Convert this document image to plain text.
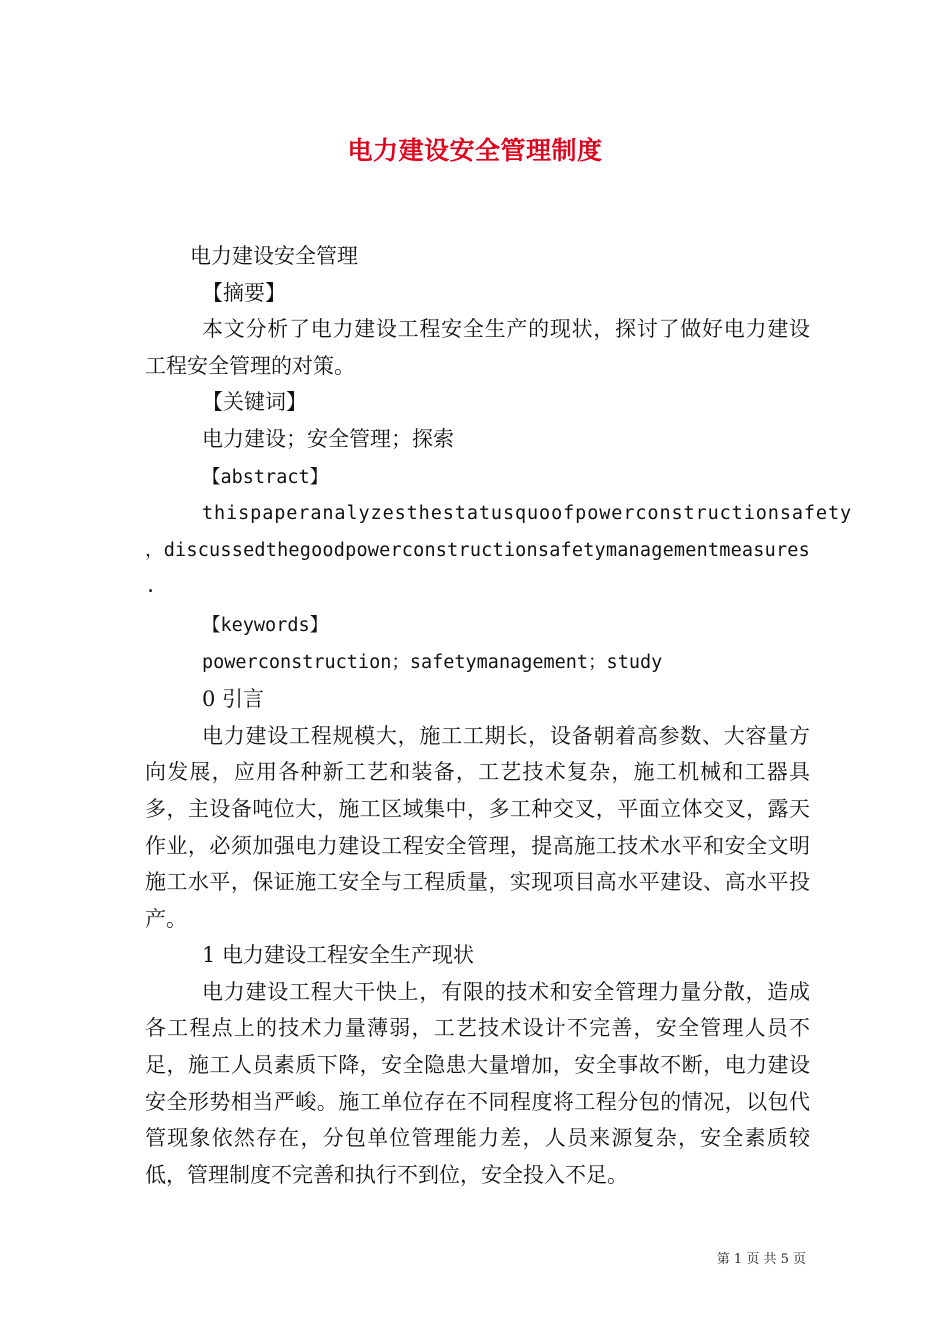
电力建设安全管理制度

电力建设安全管理

【摘要】

本文分析了电力建设工程安全生产的现状，探讨了做好电力建设工程安全管理的对策。

【关键词】

电力建设；安全管理；探索

【abstract】

thispaperanalyzesthestatusquoofpowerconstructionsafety

，discussedthegoodpowerconstructionsafetymanagementmeasures

.

【keywords】

powerconstruction；safetymanagement；study

0 引言

电力建设工程规模大，施工工期长，设备朝着高参数、大容量方向发展，应用各种新工艺和装备，工艺技术复杂，施工机械和工器具多，主设备吨位大，施工区域集中，多工种交叉，平面立体交叉，露天作业，必须加强电力建设工程安全管理，提高施工技术水平和安全文明施工水平，保证施工安全与工程质量，实现项目高水平建设、高水平投产。

1 电力建设工程安全生产现状

电力建设工程大干快上，有限的技术和安全管理力量分散，造成各工程点上的技术力量薄弱，工艺技术设计不完善，安全管理人员不足，施工人员素质下降，安全隐患大量增加，安全事故不断，电力建设安全形势相当严峻。施工单位存在不同程度将工程分包的情况，以包代管现象依然存在，分包单位管理能力差，人员来源复杂，安全素质较低，管理制度不完善和执行不到位，安全投入不足。

第 1 页 共 5 页
